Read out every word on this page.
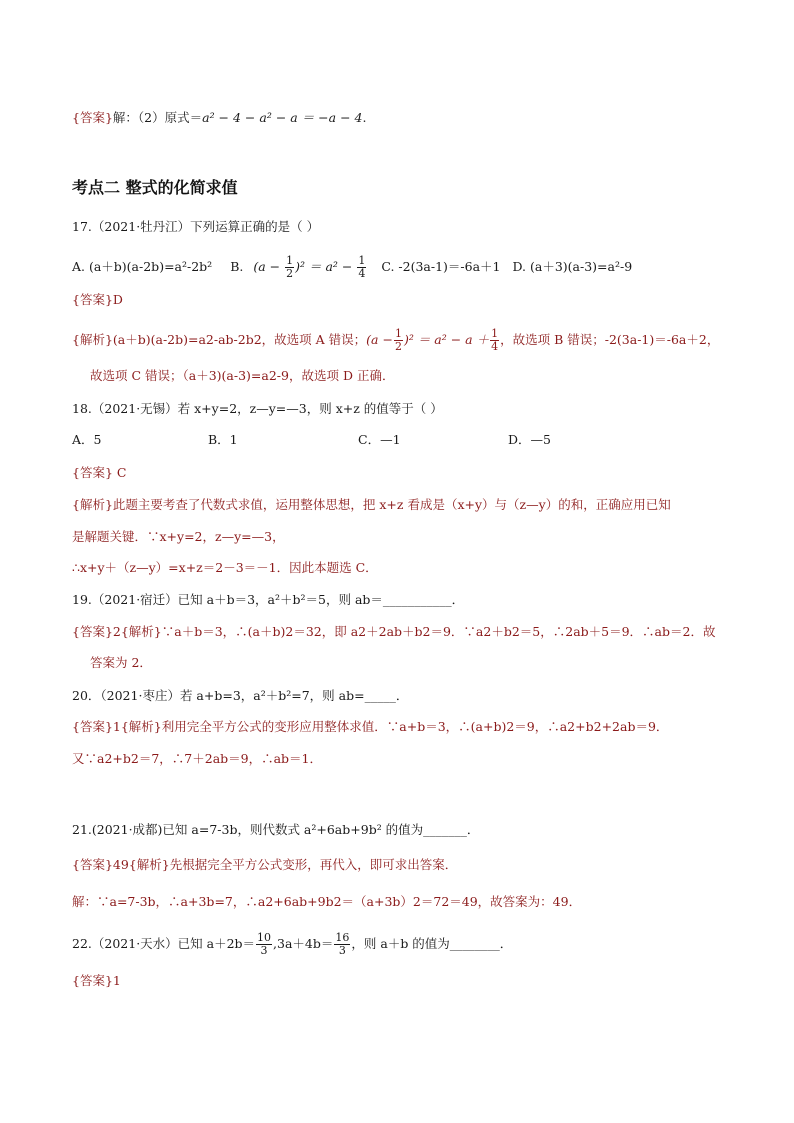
{答案}解：（2）原式＝a² − 4 − a² − a ＝ −a − 4.
考点二 整式的化简求值
17.（2021·牡丹江）下列运算正确的是（ ）
A. (a＋b)(a-2b)=a²-2b² B. $(a - \frac{1}{2} )^2 = a^2 - \frac{1}{4} C$. -2(3a-1)＝-6a＋1 D. (a＋3)(a-3)=a²-9
{答案}D
{解析}(a＋b)(a-2b)=a2-ab-2b2，故选项 A 错误；$(a - \frac{1}{2} )^2 = a^2 - a + \frac{1}{4}$ ，故选项 B 错误；-2(3a-1)＝-6a＋2，
故选项 C 错误；（a＋3)(a-3)=a2-9，故选项 D 正确．
18.（2021·无锡）若 x+y=2，z—y=—3，则 x+z 的值等于（ ）
A．5	B．1	C．—1	D．—5
{答案} C
{解析}此题主要考查了代数式求值，运用整体思想，把 x+z 看成是（x+y）与（z—y）的和，正确应用已知
是解题关键．∵x+y=2，z—y=—3，
∴x+y＋（z—y）=x+z＝2－3＝－1．因此本题选 C．
19.（2021·宿迁）已知 a＋b＝3，a²＋b²＝5，则 ab＝___________．
{答案}2{解析}∵a＋b＝3，∴(a＋b)2＝32，即 a2＋2ab＋b2＝9．∵a2＋b2＝5，∴2ab＋5＝9．∴ab＝2．故
答案为 2．
20．（2021·枣庄）若 a+b=3，a²＋b²=7，则 ab=_____．
{答案}1{解析}利用完全平方公式的变形应用整体求值．∵a+b＝3，∴(a+b)2＝9，∴a2+b2+2ab＝9．
又∵a2+b2＝7，∴7＋2ab＝9，∴ab＝1．
21.(2021·成都)已知 a=7-3b，则代数式 a²+6ab+9b² 的值为_______．
{答案}49{解析}先根据完全平方公式变形，再代入，即可求出答案．
解：∵a=7-3b，∴a+3b=7，∴a2+6ab+9b2＝（a+3b）2＝72＝49，故答案为：49．
22.（2021·天水）已知 $a+2b= \frac{10}{3} ,3a+4b= \frac{16}{3}$ ，则 a＋b 的值为________．
{答案}1
